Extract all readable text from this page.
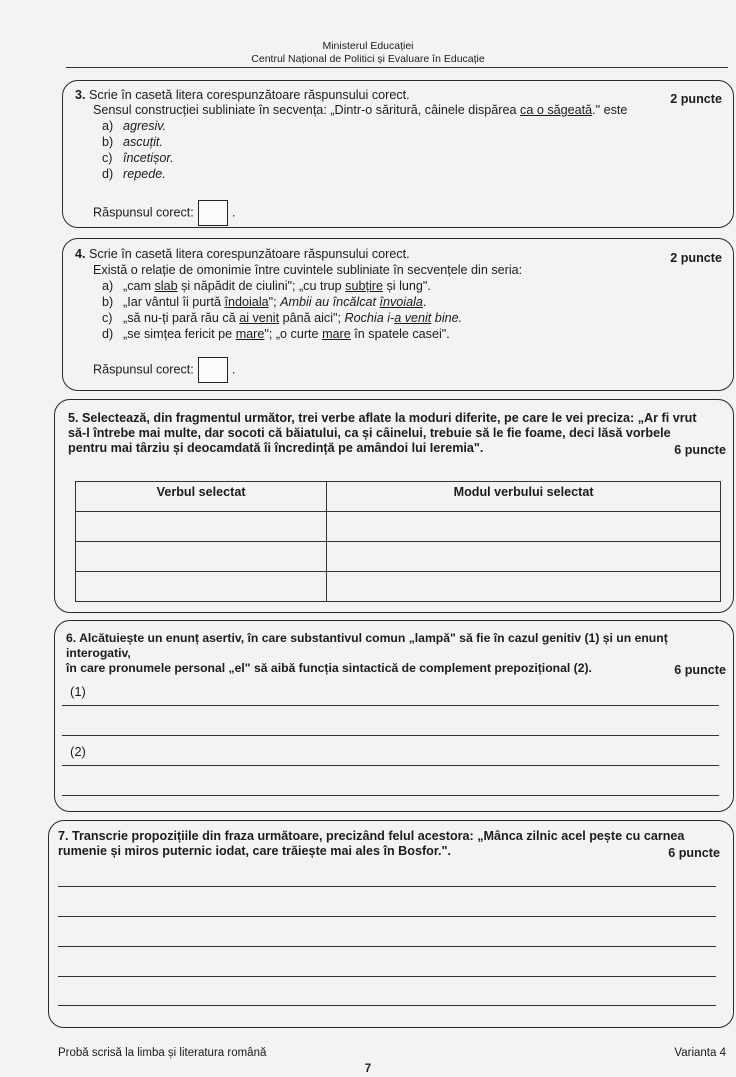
Ministerul Educației
Centrul Național de Politici și Evaluare în Educație
3. Scrie în casetă litera corespunzătoare răspunsului corect.	2 puncte
Sensul construcției subliniate în secvența: „Dintr-o săritură, câinele dispărea ca o săgeată." este
a) agresiv.
b) ascuțit.
c) încetișor.
d) repede.
Răspunsul corect:	.
4. Scrie în casetă litera corespunzătoare răspunsului corect.	2 puncte
Există o relație de omonimie între cuvintele subliniate în secvențele din seria:
a) „cam slab și năpădit de ciulini"; „cu trup subțire și lung".
b) „Iar vântul îi purtă îndoiala"; Ambii au încălcat învoiala.
c) „să nu-ți pară rău că ai venit până aici"; Rochia i-a venit bine.
d) „se simțea fericit pe mare"; „o curte mare în spatele casei".
Răspunsul corect:	.
5. Selectează, din fragmentul următor, trei verbe aflate la moduri diferite, pe care le vei preciza: „Ar fi vrut
să-l întrebe mai multe, dar socoti că băiatului, ca și câinelui, trebuie să le fie foame, deci lăsă vorbele
pentru mai târziu și deocamdată îi încredință pe amândoi lui Ieremia".	6 puncte
Verbul selectat	Modul verbului selectat

6. Alcătuiește un enunț asertiv, în care substantivul comun „lampă" să fie în cazul genitiv (1) și un enunț interogativ,
în care pronumele personal „el" să aibă funcția sintactică de complement prepozițional (2).	6 puncte
(1)
(2)
7. Transcrie propozițiile din fraza următoare, precizând felul acestora: „Mânca zilnic acel pește cu carnea
rumenie și miros puternic iodat, care trăiește mai ales în Bosfor.".	6 puncte
Probă scrisă la limba și literatura română	Varianta 4
7
